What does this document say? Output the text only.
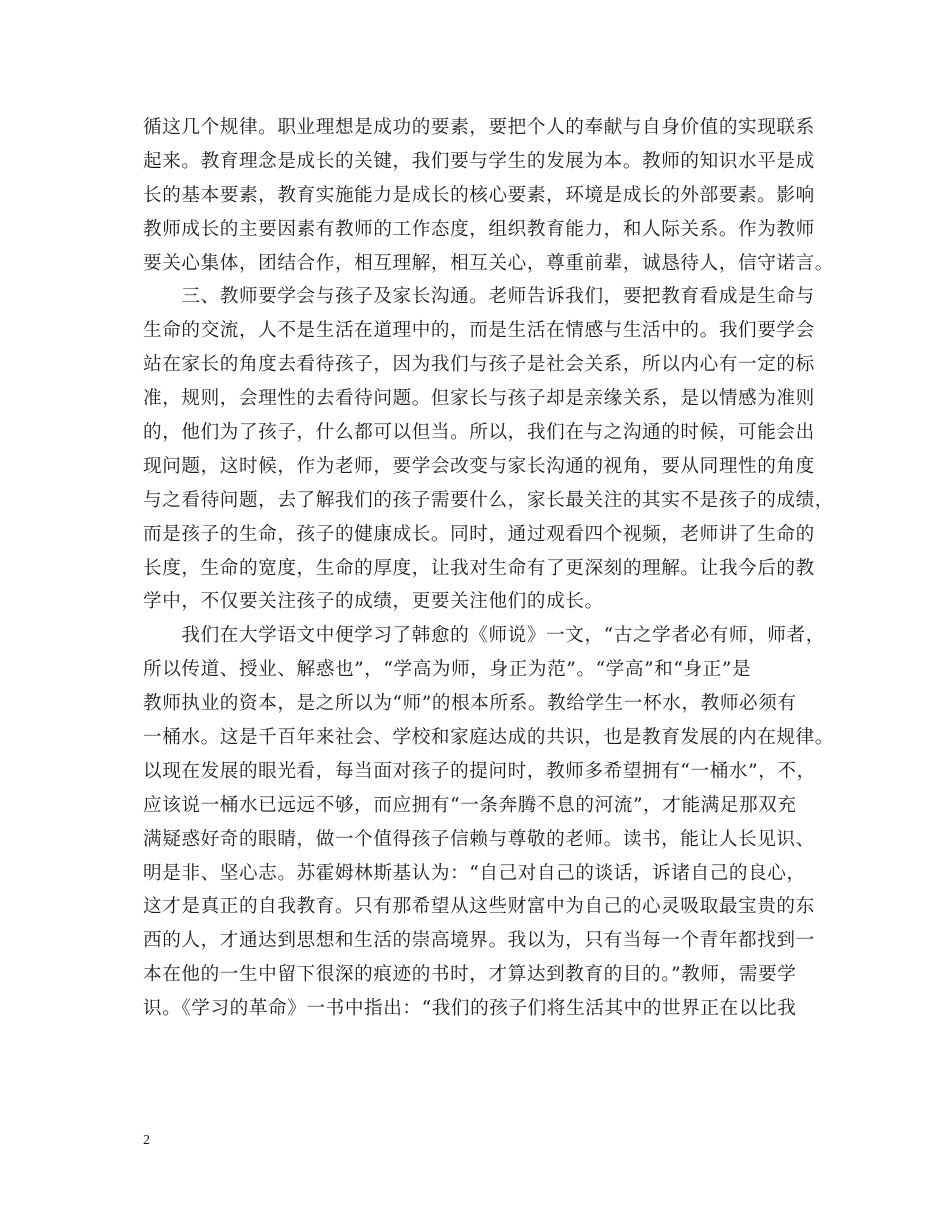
循这几个规律。职业理想是成功的要素，要把个人的奉献与自身价值的实现联系
起来。教育理念是成长的关键，我们要与学生的发展为本。教师的知识水平是成
长的基本要素，教育实施能力是成长的核心要素，环境是成长的外部要素。影响
教师成长的主要因素有教师的工作态度，组织教育能力，和人际关系。作为教师
要关心集体，团结合作，相互理解，相互关心，尊重前辈，诚恳待人，信守诺言。
　　三、教师要学会与孩子及家长沟通。老师告诉我们，要把教育看成是生命与
生命的交流，人不是生活在道理中的，而是生活在情感与生活中的。我们要学会
站在家长的角度去看待孩子，因为我们与孩子是社会关系，所以内心有一定的标
准，规则，会理性的去看待问题。但家长与孩子却是亲缘关系，是以情感为准则
的，他们为了孩子，什么都可以但当。所以，我们在与之沟通的时候，可能会出
现问题，这时候，作为老师，要学会改变与家长沟通的视角，要从同理性的角度
与之看待问题，去了解我们的孩子需要什么，家长最关注的其实不是孩子的成绩，
而是孩子的生命，孩子的健康成长。同时，通过观看四个视频，老师讲了生命的
长度，生命的宽度，生命的厚度，让我对生命有了更深刻的理解。让我今后的教
学中，不仅要关注孩子的成绩，更要关注他们的成长。
　　我们在大学语文中便学习了韩愈的《师说》一文，“古之学者必有师，师者，
所以传道、授业、解惑也”，“学高为师，身正为范”。“学高”和“身正”是
教师执业的资本，是之所以为“师”的根本所系。教给学生一杯水，教师必须有
一桶水。这是千百年来社会、学校和家庭达成的共识，也是教育发展的内在规律。
以现在发展的眼光看，每当面对孩子的提问时，教师多希望拥有“一桶水”，不，
应该说一桶水已远远不够，而应拥有“一条奔腾不息的河流”，才能满足那双充
满疑惑好奇的眼睛，做一个值得孩子信赖与尊敬的老师。读书，能让人长见识、
明是非、坚心志。苏霍姆林斯基认为：“自己对自己的谈话，诉诸自己的良心，
这才是真正的自我教育。只有那希望从这些财富中为自己的心灵吸取最宝贵的东
西的人，才通达到思想和生活的崇高境界。我以为，只有当每一个青年都找到一
本在他的一生中留下很深的痕迹的书时，才算达到教育的目的。”教师，需要学
识。《学习的革命》一书中指出：“我们的孩子们将生活其中的世界正在以比我
2
